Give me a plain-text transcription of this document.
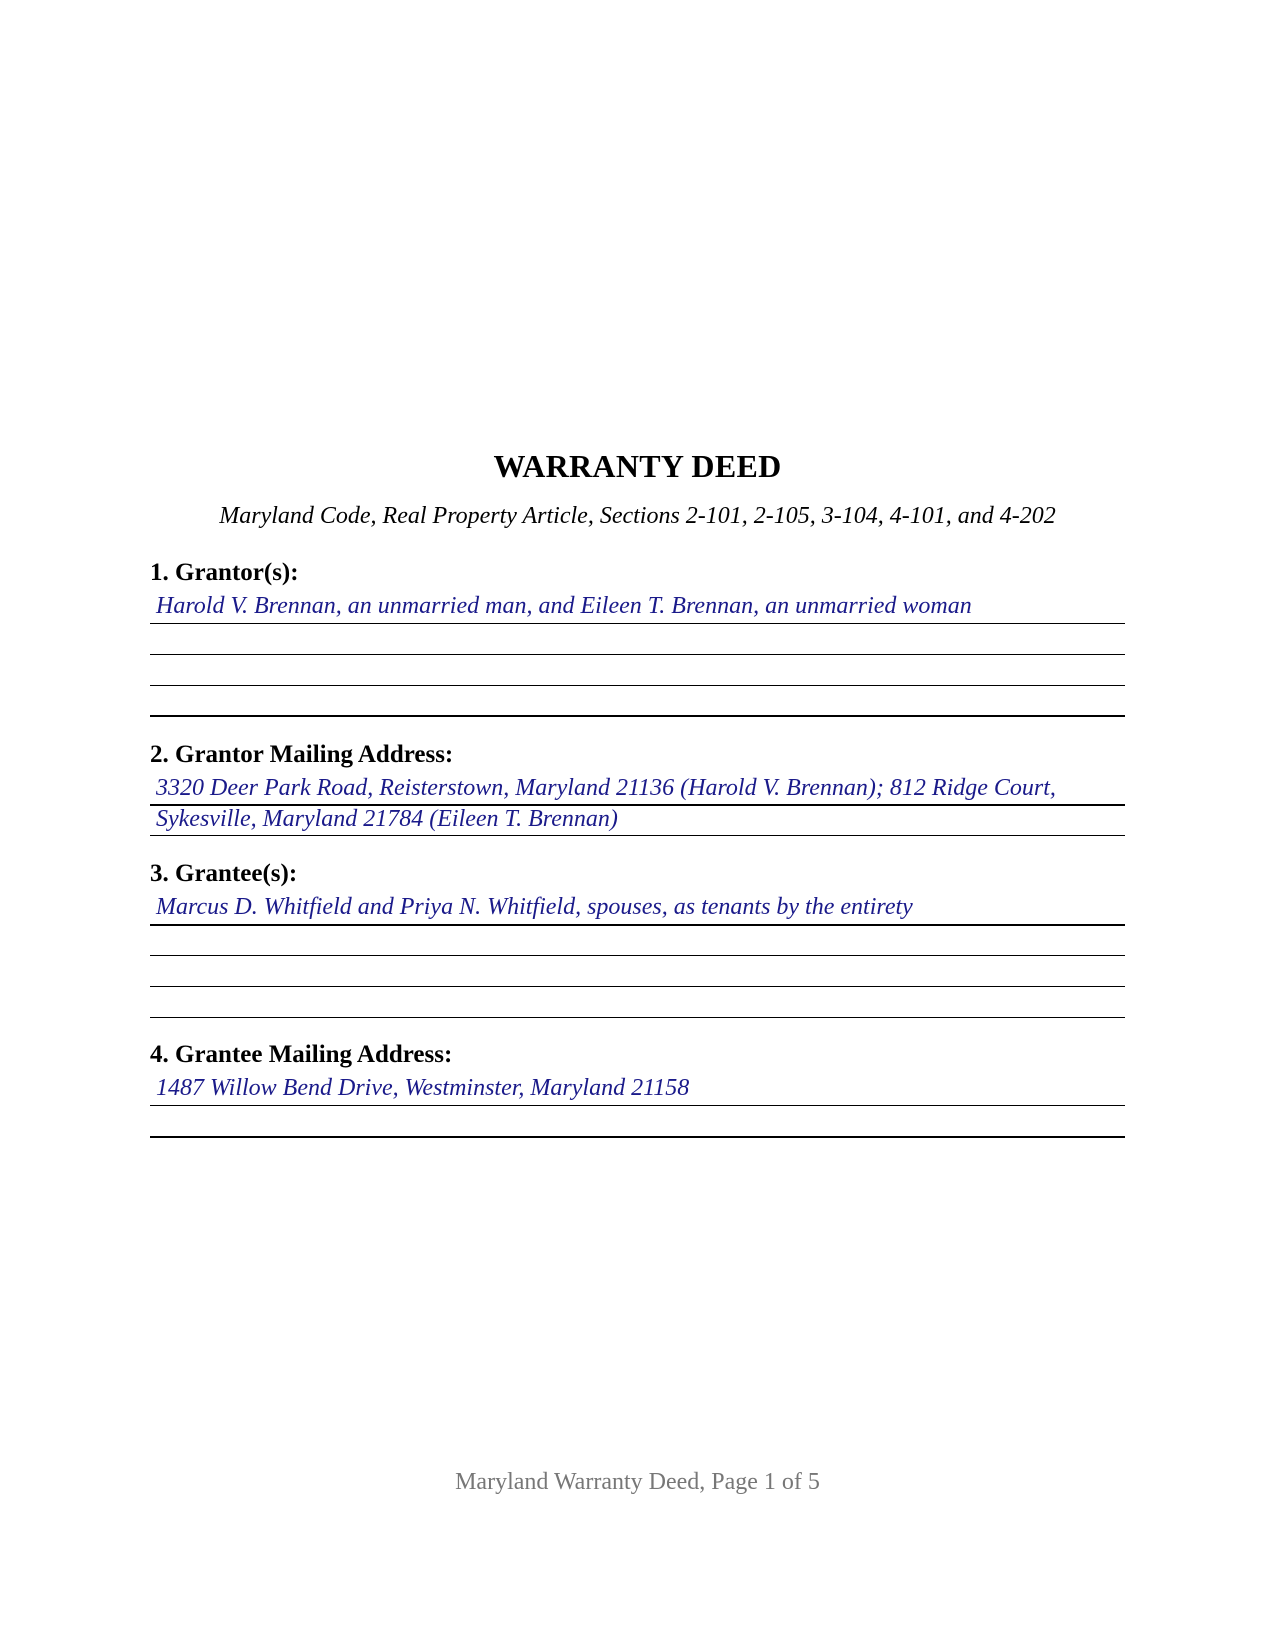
WARRANTY DEED
Maryland Code, Real Property Article, Sections 2-101, 2-105, 3-104, 4-101, and 4-202
1. Grantor(s):
Harold V. Brennan, an unmarried man, and Eileen T. Brennan, an unmarried woman
2. Grantor Mailing Address:
3320 Deer Park Road, Reisterstown, Maryland 21136 (Harold V. Brennan); 812 Ridge Court,
Sykesville, Maryland 21784 (Eileen T. Brennan)
3. Grantee(s):
Marcus D. Whitfield and Priya N. Whitfield, spouses, as tenants by the entirety
4. Grantee Mailing Address:
1487 Willow Bend Drive, Westminster, Maryland 21158
Maryland Warranty Deed, Page 1 of 5
